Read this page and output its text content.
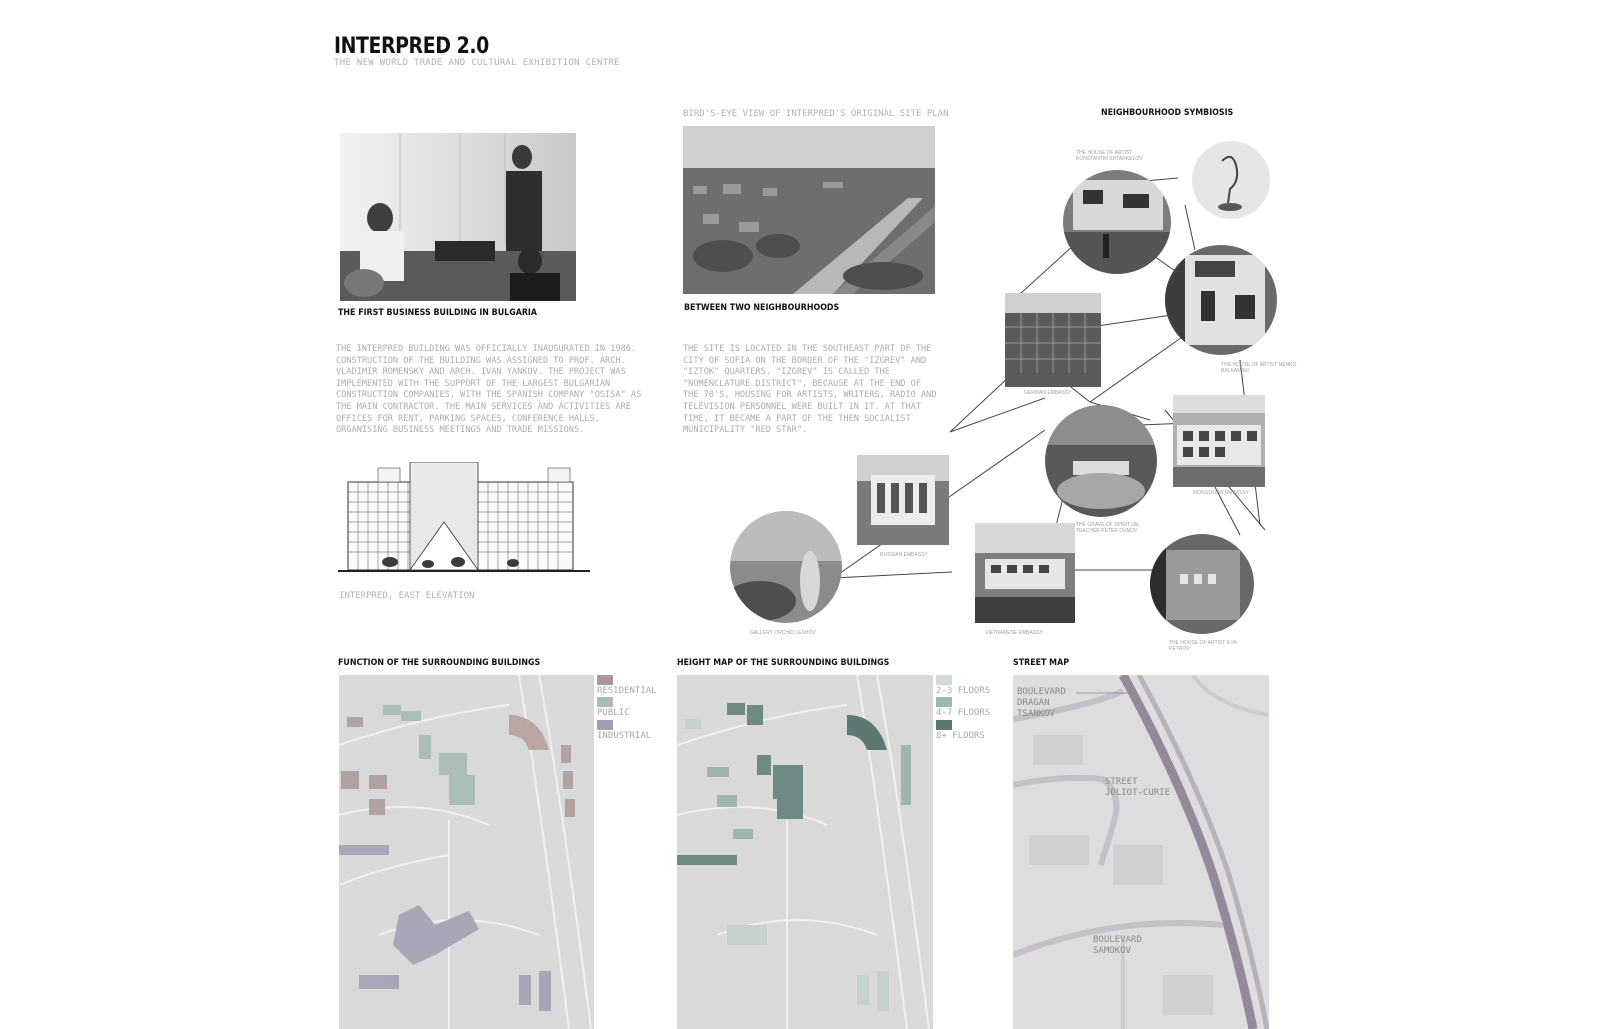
INTERPRED 2.0
THE NEW WORLD TRADE AND CULTURAL EXHIBITION CENTRE
THE FIRST BUSINESS BUILDING IN BULGARIA
THE INTERPRED BUILDING WAS OFFICIALLY INAUGURATED IN 1986. CONSTRUCTION OF THE BUILDING WAS ASSIGNED TO PROF. ARCH. VLADIMIR ROMENSKY AND ARCH. IVAN YANKOV. THE PROJECT WAS IMPLEMENTED WITH THE SUPPORT OF THE LARGEST BULGARIAN CONSTRUCTION COMPANIES, WITH THE SPANISH COMPANY "OSISA" AS THE MAIN CONTRACTOR. THE MAIN SERVICES AND ACTIVITIES ARE OFFICES FOR RENT, PARKING SPACES, CONFERENCE HALLS, ORGANISING BUSINESS MEETINGS AND TRADE MISSIONS.
INTERPRED, EAST ELEVATION
BIRD'S-EYE VIEW OF INTERPRED'S ORIGINAL SITE PLAN
BETWEEN TWO NEIGHBOURHOODS
THE SITE IS LOCATED IN THE SOUTHEAST PART OF THE CITY OF SOFIA ON THE BORDER OF THE "IZGREV" AND "IZTOK" QUARTERS. "IZGREV" IS CALLED THE "NOMENCLATURE DISTRICT", BECAUSE AT THE END OF THE 70'S, HOUSING FOR ARTISTS, WRITERS, RADIO AND TELEVISION PERSONNEL WERE BUILT IN IT. AT THAT TIME, IT BECAME A PART OF THE THEN SOCIALIST MUNICIPALITY "RED STAR".
NEIGHBOURHOOD SYMBIOSIS
THE HOUSE OF ARTIST
KONSTANTIN SHTARKELOV
THE HOUSE OF ARTIST NENKO
BALKANSKI
GERMAN EMBASSY
THE GRAVE OF SPIRITUAL
TEACHER PETER DUNOV
MONGOLIAN EMBASSY
RUSSIAN EMBASSY
VIETNAMESE EMBASSY
GALLERY ORCHID LESHOV
THE HOUSE OF ARTIST ILYA
PETROV
FUNCTION OF THE SURROUNDING BUILDINGS
RESIDENTIAL
PUBLIC
INDUSTRIAL
HEIGHT MAP OF THE SURROUNDING BUILDINGS
2-3 FLOORS
4-7 FLOORS
8+ FLOORS
STREET MAP
BOULEVARD
DRAGAN
TSANKOV
STREET
JOLIOT-CURIE
BOULEVARD
SAMOKOV
